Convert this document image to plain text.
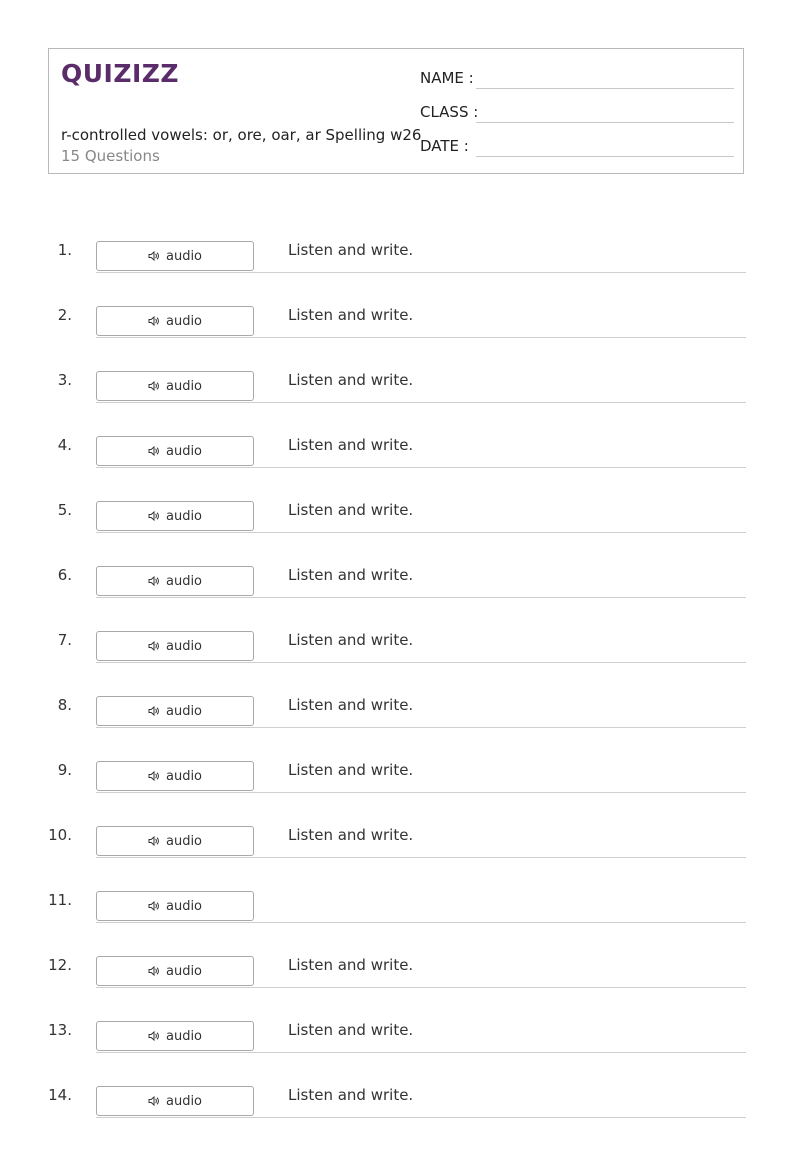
QUIZIZZ
r-controlled vowels: or, ore, oar, ar Spelling w26
15 Questions
NAME :
CLASS :
DATE :
1.	audio	Listen and write.
2.	audio	Listen and write.
3.	audio	Listen and write.
4.	audio	Listen and write.
5.	audio	Listen and write.
6.	audio	Listen and write.
7.	audio	Listen and write.
8.	audio	Listen and write.
9.	audio	Listen and write.
10.	audio	Listen and write.
11.	audio
12.	audio	Listen and write.
13.	audio	Listen and write.
14.	audio	Listen and write.
